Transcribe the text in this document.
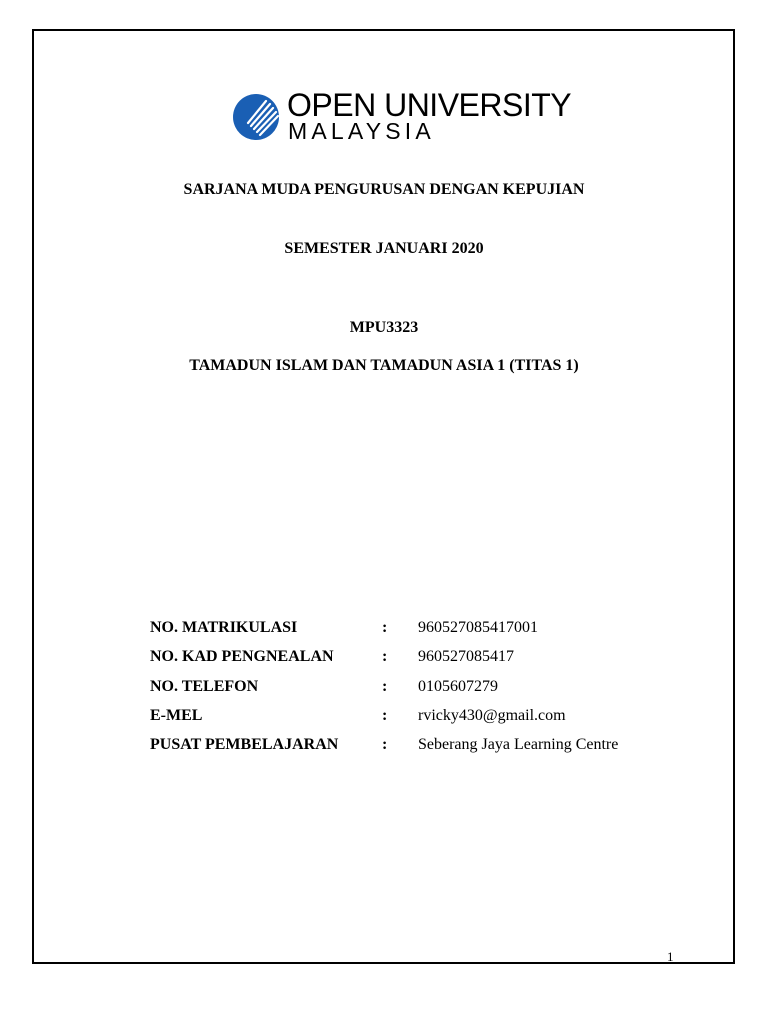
OPEN UNIVERSITY
MALAYSIA
SARJANA MUDA PENGURUSAN DENGAN KEPUJIAN
SEMESTER JANUARI 2020
MPU3323
TAMADUN ISLAM DAN TAMADUN ASIA 1 (TITAS 1)
NO. MATRIKULASI	: 960527085417001
NO. KAD PENGNEALAN	: 960527085417
NO. TELEFON	: 0105607279
E-MEL	: rvicky430@gmail.com
PUSAT PEMBELAJARAN	: Seberang Jaya Learning Centre
1
